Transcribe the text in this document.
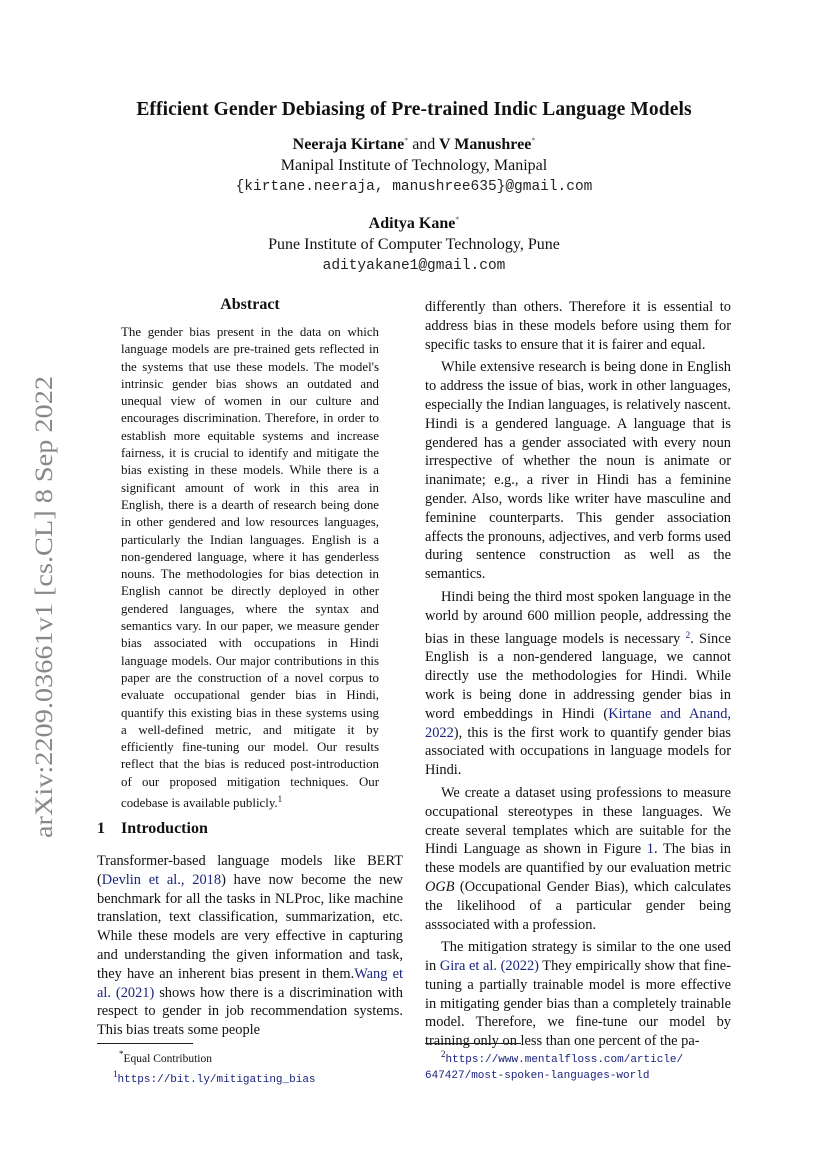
arXiv:2209.03661v1 [cs.CL] 8 Sep 2022
Efficient Gender Debiasing of Pre-trained Indic Language Models
Neeraja Kirtane* and V Manushree*
Manipal Institute of Technology, Manipal
{kirtane.neeraja, manushree635}@gmail.com
Aditya Kane*
Pune Institute of Computer Technology, Pune
adityakane1@gmail.com
Abstract

The gender bias present in the data on which language models are pre-trained gets reflected in the systems that use these models. The model's intrinsic gender bias shows an outdated and unequal view of women in our culture and encourages discrimination. Therefore, in order to establish more equitable systems and increase fairness, it is crucial to identify and mitigate the bias existing in these models. While there is a significant amount of work in this area in English, there is a dearth of research being done in other gendered and low resources languages, particularly the Indian languages. English is a non-gendered language, where it has genderless nouns. The methodologies for bias detection in English cannot be directly deployed in other gendered languages, where the syntax and semantics vary. In our paper, we measure gender bias associated with occupations in Hindi language models. Our major contributions in this paper are the construction of a novel corpus to evaluate occupational gender bias in Hindi, quantify this existing bias in these systems using a well-defined metric, and mitigate it by efficiently fine-tuning our model. Our results reflect that the bias is reduced post-introduction of our proposed mitigation techniques. Our codebase is available publicly.$^1$

1 Introduction

Transformer-based language models like BERT (Devlin et al., 2018) have now become the new benchmark for all the tasks in NLProc, like machine translation, text classification, summarization, etc. While these models are very effective in capturing and understanding the given information and task, they have an inherent bias present in them.Wang et al. (2021) shows how there is a discrimination with respect to gender in job recommendation systems. This bias treats some people

differently than others. Therefore it is essential to address bias in these models before using them for specific tasks to ensure that it is fairer and equal.

While extensive research is being done in English to address the issue of bias, work in other languages, especially the Indian languages, is relatively nascent. Hindi is a gendered language. A language that is gendered has a gender associated with every noun irrespective of whether the noun is animate or inanimate; e.g., a river in Hindi has a feminine gender. Also, words like writer have masculine and feminine counterparts. This gender association affects the pronouns, adjectives, and verb forms used during sentence construction as well as the semantics.

Hindi being the third most spoken language in the world by around 600 million people, addressing the bias in these language models is necessary $^2$. Since English is a non-gendered language, we cannot directly use the methodologies for Hindi. While work is being done in addressing gender bias in word embeddings in Hindi (Kirtane and Anand, 2022), this is the first work to quantify gender bias associated with occupations in language models for Hindi.

We create a dataset using professions to measure occupational stereotypes in these languages. We create several templates which are suitable for the Hindi Language as shown in Figure 1. The bias in these models are quantified by our evaluation metric OGB (Occupational Gender Bias), which calculates the likelihood of a particular gender being asssociated with a profession.

The mitigation strategy is similar to the one used in Gira et al. (2022) They empirically show that fine-tuning a partially trainable model is more effective in mitigating gender bias than a completely trainable model. Therefore, we fine-tune our model by training only on less than one percent of the pa-

*Equal Contribution
$^1$https://bit.ly/mitigating_bias
$^2$https://www.mentalfloss.com/article/
647427/most-spoken-languages-world
